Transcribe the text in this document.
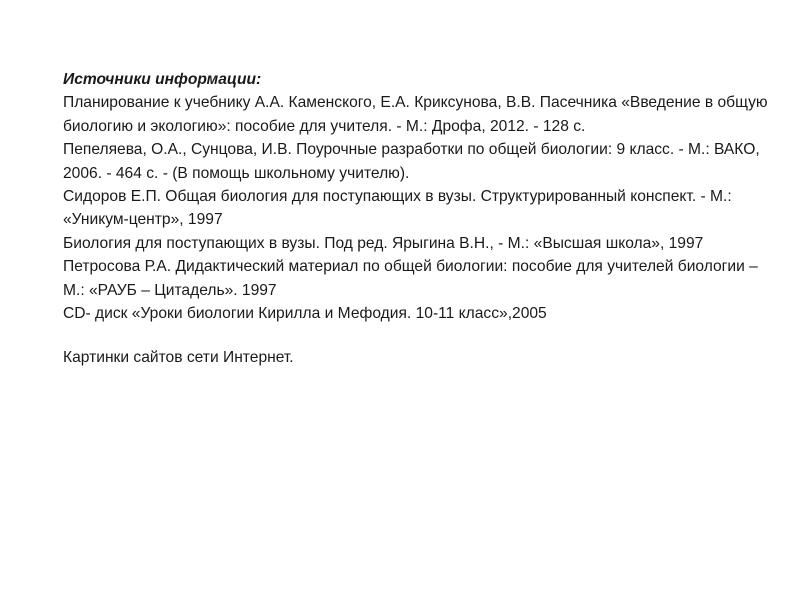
Источники информации:
Планирование к учебнику А.А. Каменского, Е.А. Криксунова, В.В. Пасечника «Введение в общую биологию и экологию»: пособие для учителя. - М.: Дрофа, 2012. - 128 с.
Пепеляева, О.А., Сунцова, И.В. Поурочные разработки по общей биологии: 9 класс. - М.: ВАКО, 2006. - 464 с. - (В помощь школьному учителю).
Сидоров Е.П. Общая биология для поступающих в вузы. Структурированный конспект. - М.: «Уникум-центр», 1997
Биология для поступающих в вузы. Под ред. Ярыгина В.Н., - М.: «Высшая школа», 1997
Петросова Р.А. Дидактический материал по общей биологии: пособие для учителей биологии – М.: «РАУБ – Цитадель». 1997
CD- диск «Уроки биологии Кирилла и Мефодия. 10-11 класс»,2005
Картинки сайтов сети Интернет.
